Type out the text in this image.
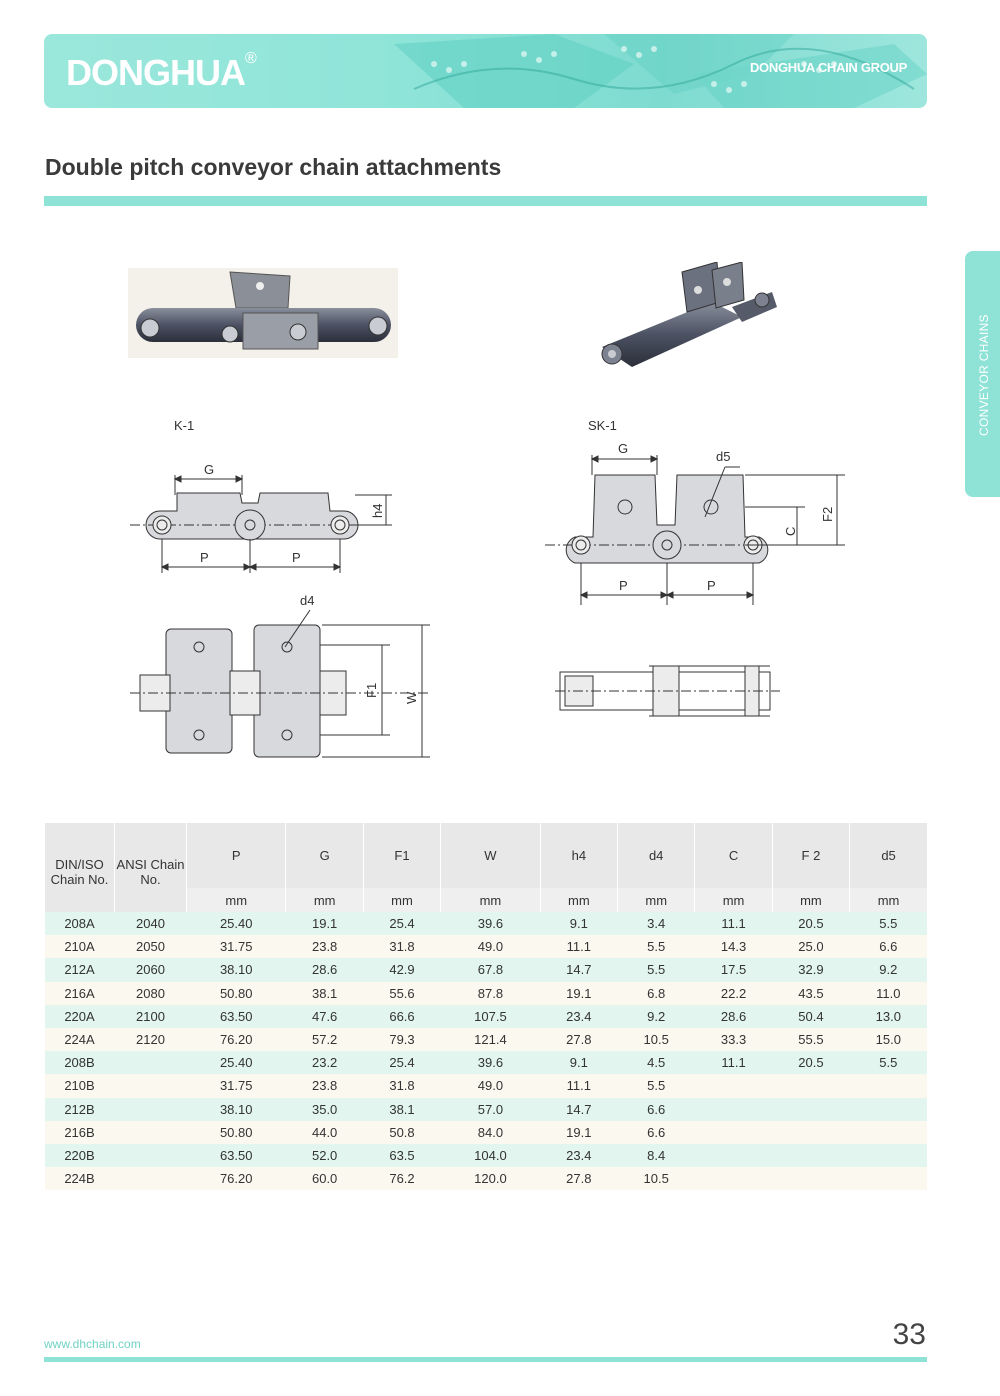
DONGHUA®
DONGHUA CHAIN GROUP
Double pitch conveyor chain attachments
CONVEYOR CHAINS
K-1	SK-1
G
P	P
h4
d4
F1 W
G
d5
C
F2
P	P
DIN/ISO Chain No.	ANSI Chain No.	P	G	F1	W	h4	d4	C	F 2	d5
		mm	mm	mm	mm	mm	mm	mm	mm	mm
208A	2040	25.40	19.1	25.4	39.6	9.1	3.4	11.1	20.5	5.5
210A	2050	31.75	23.8	31.8	49.0	11.1	5.5	14.3	25.0	6.6
212A	2060	38.10	28.6	42.9	67.8	14.7	5.5	17.5	32.9	9.2
216A	2080	50.80	38.1	55.6	87.8	19.1	6.8	22.2	43.5	11.0
220A	2100	63.50	47.6	66.6	107.5	23.4	9.2	28.6	50.4	13.0
224A	2120	76.20	57.2	79.3	121.4	27.8	10.5	33.3	55.5	15.0
208B		25.40	23.2	25.4	39.6	9.1	4.5	11.1	20.5	5.5
210B		31.75	23.8	31.8	49.0	11.1	5.5			
212B		38.10	35.0	38.1	57.0	14.7	6.6			
216B		50.80	44.0	50.8	84.0	19.1	6.6			
220B		63.50	52.0	63.5	104.0	23.4	8.4			
224B		76.20	60.0	76.2	120.0	27.8	10.5			
www.dhchain.com	33
